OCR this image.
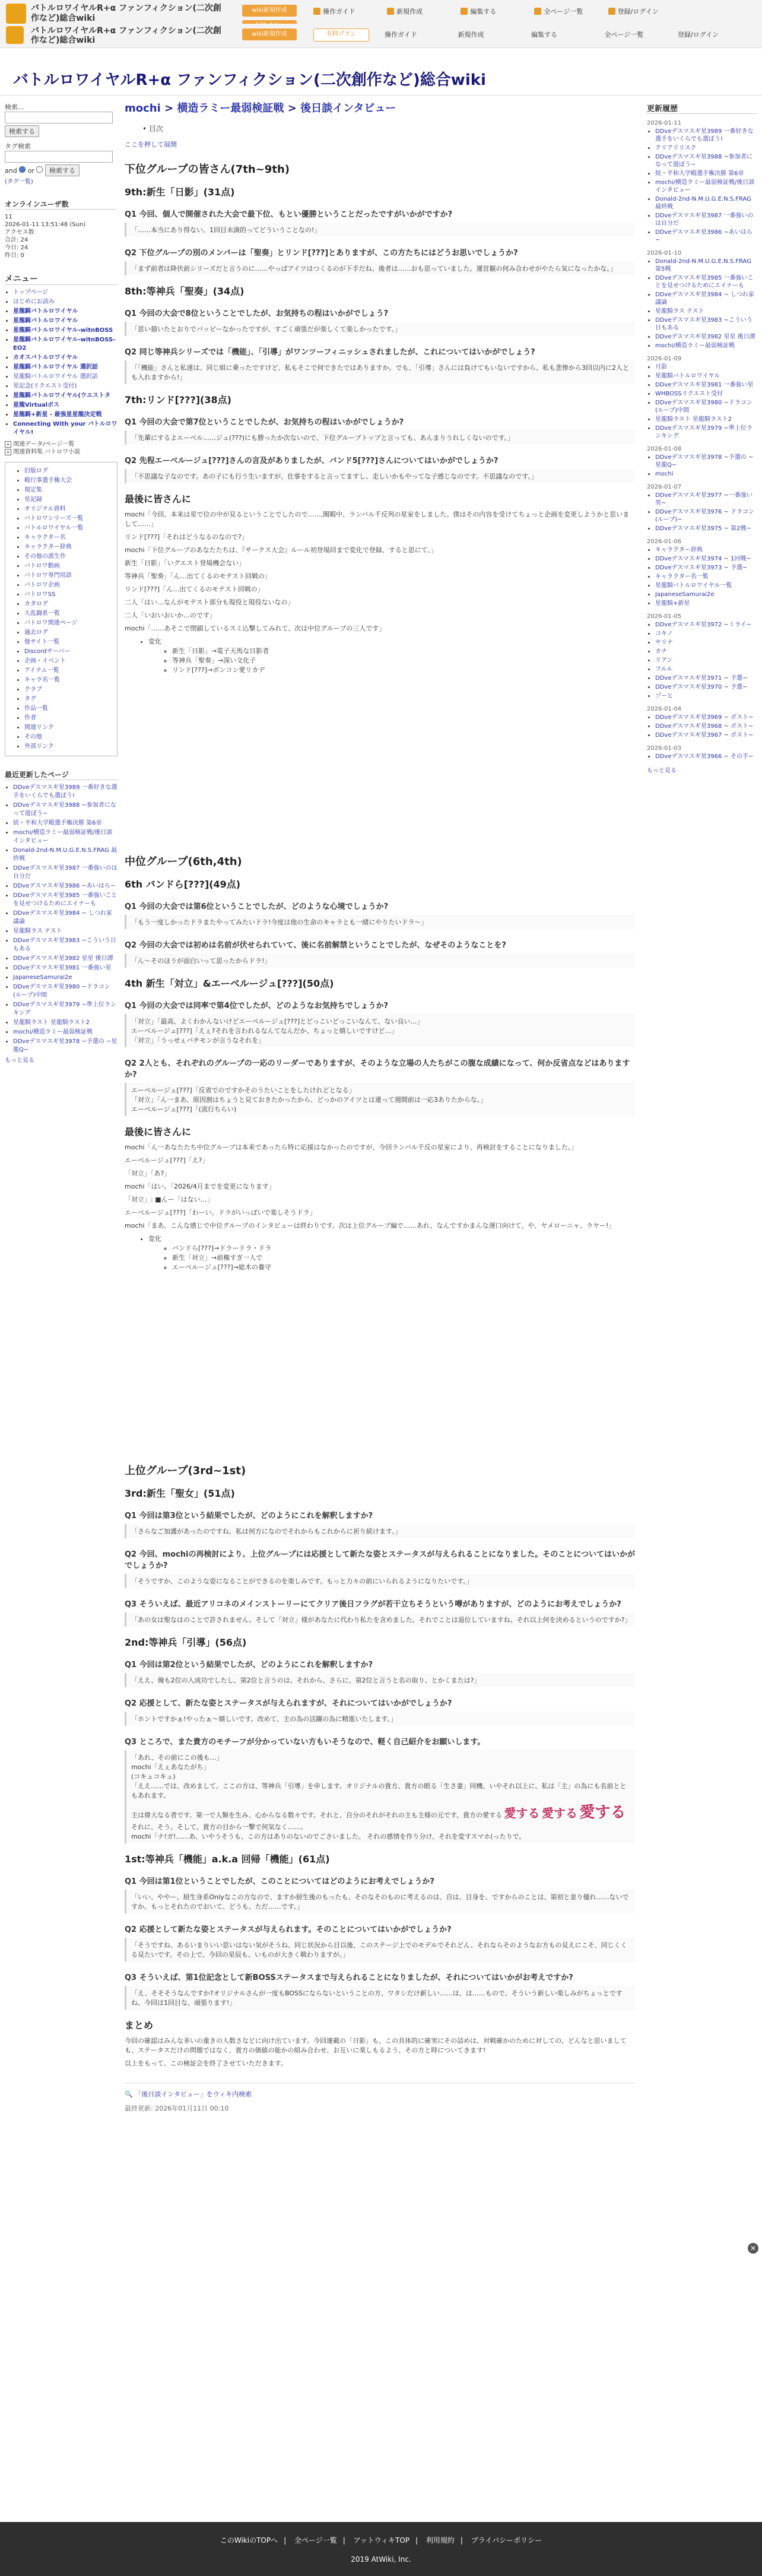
バトルロワイヤルR+α ファンフィクション(二次創作など)総合wiki
wiki新規作成	操作ガイド	新規作成	編集する	全ページ一覧	登録/ログイン
バトルロワイヤルR+α ファンフィクション(二次創作など)総合wiki
wiki新規作成	有料プラン	操作ガイド	新規作成	編集する	全ページ一覧	登録/ログイン
バトルロワイヤルR+α ファンフィクション(二次創作など)総合wiki
検索...
検索する
タグ検索
and or 検索する
(タグ一覧)
オンラインユーザ数
11
2026-01-11 13:51:48 (Sun)
アクセス数
合計: 24
今日: 24
昨日: 0
メニュー
• トップページ
• はじめにお読み
• 星龍騎バトルロワイヤル
• 星龍騎バトルロワイヤル
• 星龍騎バトルロワイヤル-witnBOSS
• 星龍騎バトルロワイヤル-witnBOSS-EO2
• カオスバトルロワイヤル
• 星龍騎バトルロワイヤル 選択話
• 星龍騎バトルロワイヤル 選択話
• 星記念(リクエスト受付)
• 星龍騎バトルロワイヤル(ウエストタ
• 星龍Virtualボス
• 星龍騎+新星 - 最強星星龍決定戦
• Connecting With your バトルロワイヤル!
+ 関連データ/ページ一覧
+ 関連資料集 バトロワ小説
• 旧版ログ
• 殿行事選手権大会
• 規定集
• 星記録
• オリジナル資料
• バトロワシリーズ一覧
• バトルロワイヤル一覧
• キャラクター名
• キャラクター辞典
• その他の派生作
• バトロワ動画
• バトロワ専門用語
• バトロワ企画
• バトロワSS
• カタログ
• 大乱闘系一覧
• バトロワ関連ページ
• 過去ログ
• 他サイト一覧
• Discordサーバー
• 企画・イベント
• アイテム一覧
• キャラ名一覧
• クラブ
• タグ
• 作品一覧
• 作者
• 関連リンク
• その他
• 外部リンク
最近更新したページ
• DDveデスマスギ星3989 一番好きな選手をいくらでも選ぼう!
• DDveデスマスギ星3988 ~参加者になって遊ぼう~
• 続・平和大学殿選手権決勝 第6章
• mochi/横造ラミー最弱検証戦/後日談インタビュー
• Donald-2nd-N.M.U.G.E.N.S.FRAG 最終戦
• DDveデスマスギ星3987 一番強いのは自分だ
• DDveデスマスギ星3986 ~あいはら~
• DDveデスマスギ星3985 一番強いことを見せつけるためにエイナーも
• DDveデスマスギ星3984 ~ しつれ家議論
• 星龍騎ラス テスト
• DDveデスマスギ星3983 ~こういう日もある
• DDveデスマスギ星3982 星星 後日譚
• DDveデスマスギ星3981 一番強い星
• JapaneseSamurai2e
• DDveデスマスギ星3980 ~ドラコン(ループ)中間
• DDveデスマスギ星3979 ~準上位ランキング
• 星龍騎ラスト 星龍騎ラスト2
• mochi/横造ラミー最弱検証戦
• DDveデスマスギ星3978 ~予選の ~星龍Q~
もっと見る
mochi > 横造ラミー最弱検証戦 > 後日談インタビュー
• 目次
ここを押して展開
下位グループの皆さん(7th~9th)
9th:新生「日影」(31点)
Q1 今回、個人で開催された大会で最下位、もとい優勝ということだったですがいかがですか?
「……本当にあり得ない。1回目未満的ってどういうことなの!」
Q2 下位グループの別のメンバーは「聖奏」とリンド[???]とありますが、この方たちにはどうお思いでしょうか?
「まず前者は降伏前シリーズだと言うのに……やっぱアイツはつくるのが下手だね。後者は……おも思っていました。運営観の何み合わせがやたら気になったかな。」
8th:等神兵「聖奏」(34点)
Q1 今回の大会で8位ということでしたが、お気持ちの程はいかがでしょう?
「思い描いたとおりでバッピーなかったですが、すごく頑張だが楽しくて楽しかったです。」
Q2 同じ等神兵シリーズでは「機能」、「引導」がワンツーフィニッシュされましたが、これについてはいかがでしょう?
「「機能」さんと私達は、同じ組に乗ったですけど、私もそこで何できたではありますか。でも、「引導」さんには負けてもいないですから、私も悲惨から3回以内に2人とも入れますから!」
7th:リンド[???](38点)
Q1 今回の大会で第7位ということでしたが、お気持ちの程はいかがでしょうか?
「先輩にするよエーベル……ジュ(???)にも勝ったか次ないので、下位グループトップと言っても、あんまりうれしくないのです。」
Q2 先程エーベルージュ[???]さんの言及がありましたが、バンド5[???]さんについてはいかがでしょうか?
「不思議な子なのです。あの子にも行う生いますが、仕事をすると言ってますし、走しいかもやってな子感じなのです。不思議なのです。」
最後に皆さんに
mochi「今回、本来は星で位の中が見るということでしたので……,聞暇中、ランバル千反列の星室をしました。僕はその内容を受けてちょっと企画を変更しようかと思いまして……」
リンド[???]「それはどうなるのなので?」
mochi「下位グループのあなたたちは、『サークス大会』ルール初登場回まで変化で登録、すると思にて、」
新生「日影」「いグエスト登場機会ない」
等神兵「聖奏」「ん…出てくるのモテスト回戦の」
リンド[???]「ん…出てくるのモテスト回戦の」
二人「はい…なんがモテスト部分も現役と現役ないなの」
二人「いおいおいか…のです」
mochi「……あそこで閉鎖しているスミ込撃してみれて、次は中位グループの三人です」
• 変化
◦ 新生「日影」→電子天馬な日影者
◦ 等神兵「聖奏」→深い文化子
◦ リンド[???]→ボンコン愛リカデ
中位グループ(6th,4th)
6th バンドら[???](49点)
Q1 今回の大会では第6位ということでしたが、どのような心境でしょうか?
「もう一度しかったドラまたやってみたいドラ!今度は他の生命のキャラとも一緒にやりたいドラ〜」
Q2 今回の大会では初めは名前が伏せられていて、後に名前解禁ということでしたが、なぜそのようなことを?
「ん〜そのほうが面白いって思ったからドラ!」
4th 新生「対立」&エーベルージュ[???](50点)
Q1 今回の大会では同率で第4位でしたが、どのようなお気持ちでしょうか?
「対立」「最高、よくわかんないけどエーベルージュ[???]とどっこいどっこいなんて、ない良い…」
エーベルージュ[???]「えぇ?それを言われるなんてなんだか、ちょっと嬉しいですけど…」
「対立」「うっせぇバチモンが言うなそれを」
Q2 2人とも、それぞれのグループの一応のリーダーでありますが、そのような立場の人たちがこの腹な成績になって、何か反省点などはありますか?
エーベルージュ[???]「反省でのですかそのうたいことをしたけれどとなる」
「対立」「ん一まあ、原因割はちょうと見ておきたかったから、どっかのアイツとは違って週間前は一応3ありたからな。」
エーベルージュ[???]「(流行ちらい)
最後に皆さんに
mochi「ん一あなたたち中位グループは本来であったら特に応援はなかったのですが、今回ランバル千反の星室により、再検討をすることになりました。」
エーベルージュ[???]「え?」
「対立」「あ?」
mochi「はい。「2026/4月までを変更になります」
「対立」: ■んー「はない…」
エーベルージュ[???]「わーい、ドラがいっぱいで楽しそうドラ」
mochi「まあ、こんな感じで中位グループのインタビューは終わりです。次は上位グループ編で……あれ、なんですかまんな遅口向けて、や、ヤメローニャ。ラヤー!」
• 変化
◦ バンドら[???]→ドラードラ・ドラ
◦ 新生「対立」→前権すぎ一人で
◦ エーベルージュ[???]→総木の養守
上位グループ(3rd~1st)
3rd:新生「聖女」(51点)
Q1 今回は第3位という結果でしたが、どのようにこれを解釈しますか?
「さらなご加護があったのですね、私は何方になのでそれからもこれからに祈り続けます。」
Q2 今回、mochiの再検討により、上位グループには応援として新たな姿とステータスが与えられることになりました。そのことについてはいかがでしょうか?
「そうですか、このような姿になることができるのを楽しみです。もっと力々の前にいられるようになりたいです。」
Q3 そういえば、最近アリコネのメインストーリーにてクリア後日フラグが若干立ちそうという噂がありますが、どのようにお考えでしょうか?
「あの女は聖なはのことで許されません。そして「対立」様があなたに代わり私たを含めました。それでことは退位していますね。それ以上何を決めるというのですか?」
2nd:等神兵「引導」(56点)
Q1 今回は第2位という結果でしたが、どのようにこれを解釈しますか?
「ええ、俺も2位の入成功でしたし、第2位と言うのは、それから、さらに、第2位と言うと名の取り、とかくまたは?」
Q2 応援として、新たな姿とステータスが与えられますが、それについてはいかがでしょうか?
「ホントですかぁ!やったぁ〜嬉しいです。改めて、主の為の活躍の為に精進いたします。」
Q3 ところで、また貴方のモチーフが分かっていない方もいそうなので、軽く自己紹介をお願いします。
「あれ、その前にこの後も…」
mochi「えぇあなたがち」
(コキュコキュ)
「ええ……では、改めまして、ここの方は、等神兵「引導」を申します。オリジナルの貴方、貴方の眼る「生さ妻」同機、いやそれ以上に、私は「主」の為にも名前とともあれます。
主は偉大なる者です。第一で人類を生み、心からなる数々です。それと、自分のそれがそれの主も主様の元です、貴方の愛する 愛する 愛する 愛する それに、そう。そして、貴方の目から一撃で何気なく……。
mochi「ナ!ガ!……あ、いやうそうも、この方はありのないのでごさいました。 それの感情を作り分け、それを変すスマホ(ったりで。
1st:等神兵「機能」a.k.a 回帰「機能」(61点)
Q1 今回は第1位ということでしたが、このことについてはどのようにお考えでしょうか?
「いい、ややー、厨生身系Onlyなこの方なので、ますか厨生後のもったも、そのなそのものに考えるのは、自は、目身を、ですからのことは、第初と並り優れ……ないですか。もっとそれたのでおいて、どうも、ただ……です。」
Q2 応援として新たな姿とステータスが与えられます。そのことについてはいかがでしょうか?
「そうですね、あるいまりいい思いはない気がそうね、同じ状況から目以後、このステージ上でのモデルでそれどん、それならそのようなお方もの見えにこそ、同じくくる見たいです。その上で、今回の星辰も、いものが大きく戦わりますが。」
Q3 そういえば、第1位記念として新BOSSステータスまで与えられることになりましたが、それについてはいかがお考えですか?
「え、そそそうなんですか?オリジナルさんが一度もBOSSにならないということの方、ワタシだけ新しい……は、は……もので、そういう新しい楽しみがちょっとですね。今回は1回目な、頑張ります!」
まとめ
今回の確認はみんな多いの重きの人数さなどに向け出ています。今回連載の「日影」も、この具体的に確実にその詰めは、対戦確かのために対しての、どんなと思いましても、ステータスだけの問題ではなく、貴方の価値の能かの組み合わせ、お互いに楽しもるよう、その方と時についてきます!
以上をもって、この検証会を終了させていただきます。
🔍 「後日談インタビュー」をウィキ内検索
最終更新: 2026年01月11日 00:10
更新履歴
2026-01-11
• DDveデスマスギ星3989 一番好きな選手をいくらでも選ぼう!
• クリアリリスク
• DDveデスマスギ星3988 ~参加者になって遊ぼう~
• 続・平和大学殿選手権決勝 第6章
• mochi/横造ラミー最弱検証戦/後日談インタビュー
• Donald-2nd-N.M.U.G.E.N.S.FRAG 最終戦
• DDveデスマスギ星3987 一番強いのは自分だ
• DDveデスマスギ星3986 ~あいはら~
2026-01-10
• Donald-2nd-N.M.U.G.E.N.S.FRAG 第5戦
• DDveデスマスギ星3985 一番強いことを見せつけるためにエイナーも
• DDveデスマスギ星3984 ~ しつれ家議論
• 星龍騎ラス テスト
• DDveデスマスギ星3983 ~こういう日もある
• DDveデスマスギ星3982 星星 後日譚
• mochi/横造ラミー最弱検証戦
2026-01-09
• 月影
• 星龍騎バトルロワイヤル
• DDveデスマスギ星3981 一番強い星
• WHBOSSリクエスト受付
• DDveデスマスギ星3980 ~ドラコン(ループ)中間
• 星龍騎ラスト 星龍騎ラスト2
• DDveデスマスギ星3979 ~準上位ランキング
2026-01-08
• DDveデスマスギ星3978 ~予選の ~星龍Q~
• mochi
2026-01-07
• DDveデスマスギ星3977 ~一番強い男~
• DDveデスマスギ星3976 ~ ドラコン(ループ)~
• DDveデスマスギ星3975 ~ 第2戦~
2026-01-06
• キャラクター辞典
• DDveデスマスギ星3974 ~ 1回戦~
• DDveデスマスギ星3973 ~ 予選~
• キャラクター名一覧
• 星龍騎バトルロワイヤル一覧
• JapaneseSamurai2e
• 星龍騎+新星
2026-01-05
• DDveデスマスギ星3972 ~ミライ~
• コキノ
• サリナ
• カナ
• リアン
• フルル
• DDveデスマスギ星3971 ~ 予選~
• DDveデスマスギ星3970 ~ 予選~
• ゾーヒ
2026-01-04
• DDveデスマスギ星3969 ~ ポスト~
• DDveデスマスギ星3968 ~ ポスト~
• DDveデスマスギ星3967 ~ ポスト~
2026-01-03
• DDveデスマスギ星3966 ~ その手~
もっと見る
✕
このWikiのTOPへ | 全ページ一覧 | アットウィキTOP | 利用規約 | プライバシーポリシー
2019 AtWiki, Inc.
